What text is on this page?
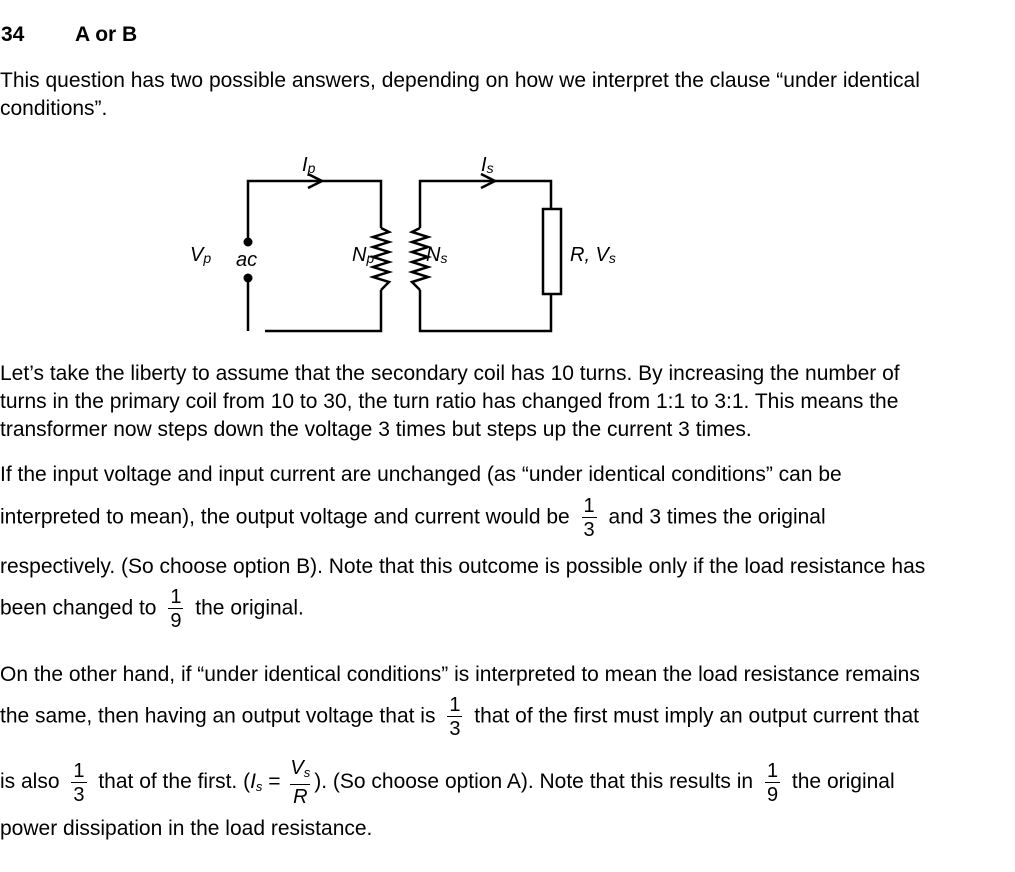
34 A or B
This question has two possible answers, depending on how we interpret the clause “under identical
conditions”.
Ip	Is
Vp ac	Np	Ns	R, Vs
Let’s take the liberty to assume that the secondary coil has 10 turns. By increasing the number of
turns in the primary coil from 10 to 30, the turn ratio has changed from 1:1 to 3:1. This means the
transformer now steps down the voltage 3 times but steps up the current 3 times.
If the input voltage and input current are unchanged (as “under identical conditions” can be
interpreted to mean), the output voltage and current would be $\frac{1}{3}$ and 3 times the original
respectively. (So choose option B). Note that this outcome is possible only if the load resistance has
been changed to $\frac{1}{9}$ the original.
On the other hand, if “under identical conditions” is interpreted to mean the load resistance remains
the same, then having an output voltage that is $\frac{1}{3}$ that of the first must imply an output current that
is also $\frac{1}{3}$ that of the first. ($I_s = \frac{V_s}{R}$ ). (So choose option A). Note that this results in $\frac{1}{9}$ the original
power dissipation in the load resistance.
